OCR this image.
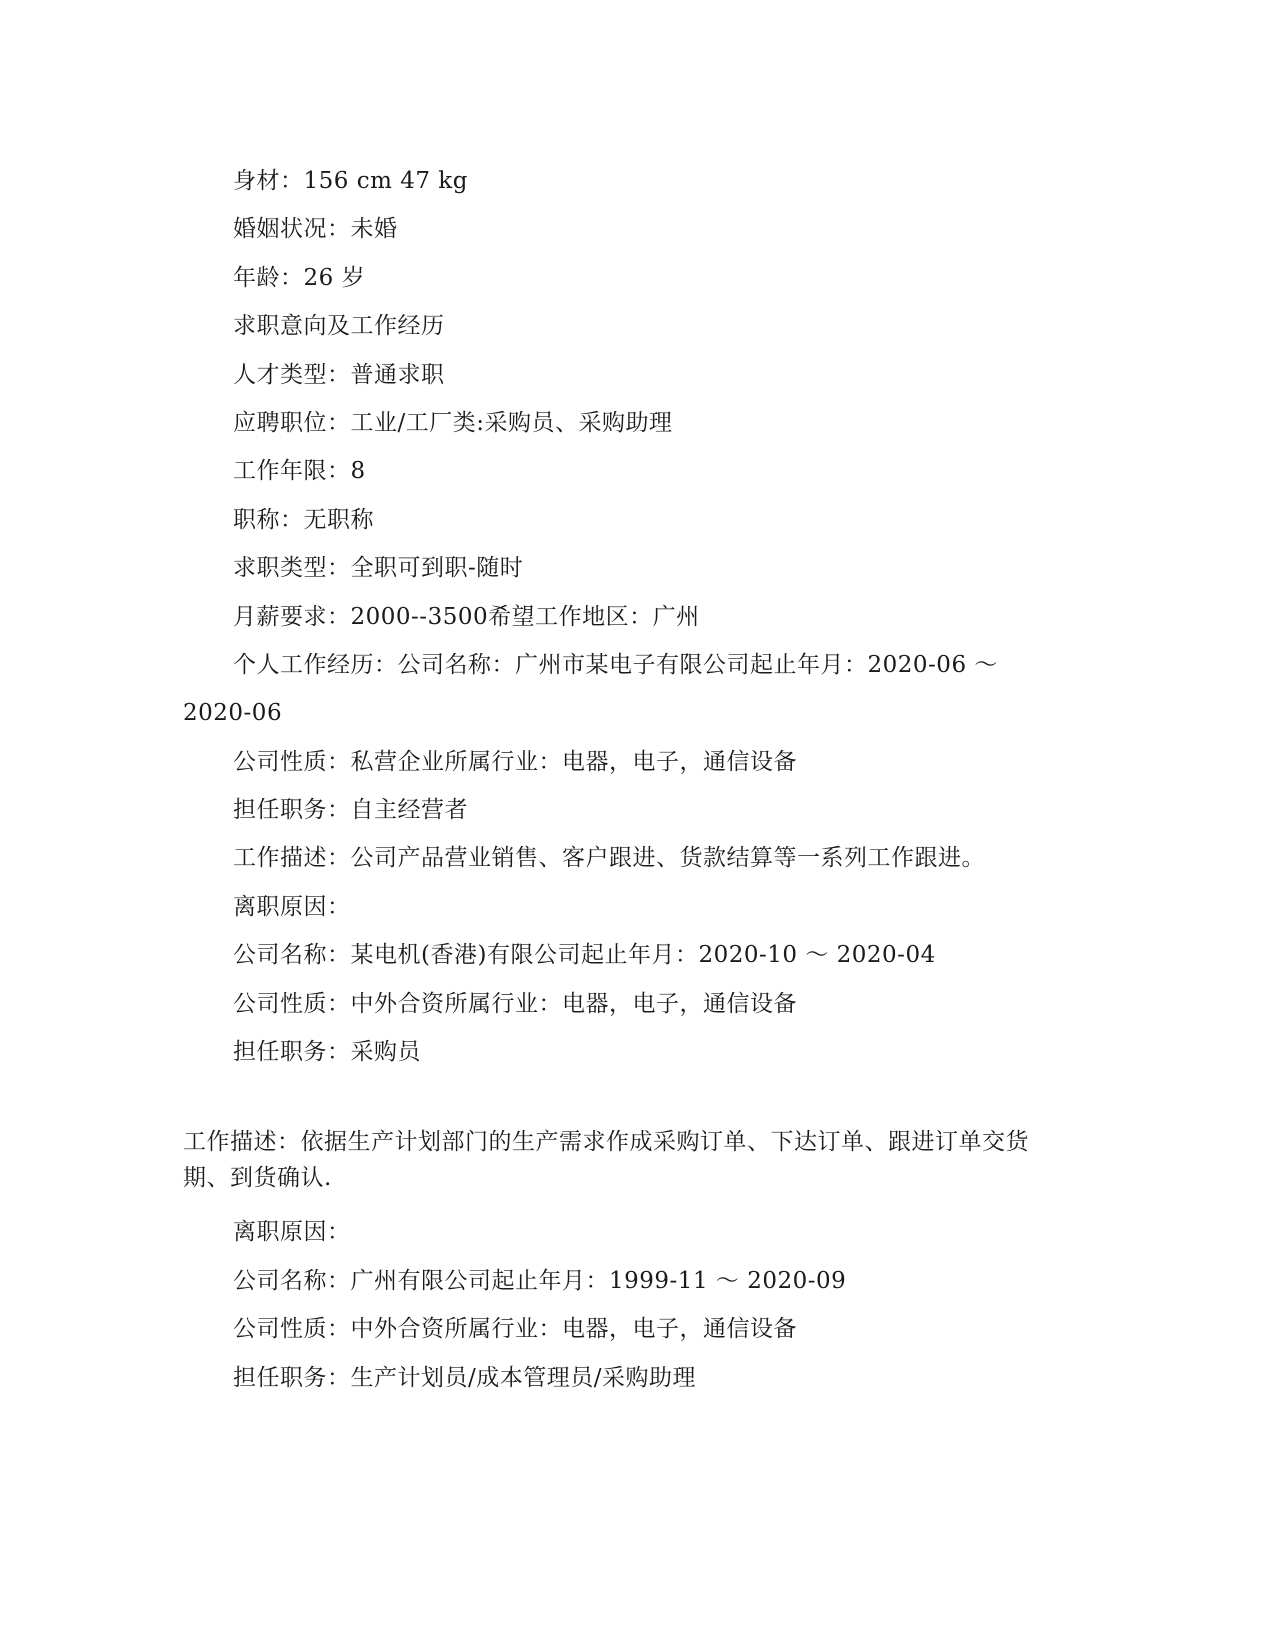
身材：156 cm 47 kg
婚姻状况：未婚
年龄：26 岁
求职意向及工作经历
人才类型：普通求职
应聘职位：工业/工厂类:采购员、采购助理
工作年限：8
职称：无职称
求职类型：全职可到职-随时
月薪要求：2000--3500希望工作地区：广州
个人工作经历：公司名称：广州市某电子有限公司起止年月：2020-06 ～
2020-06
公司性质：私营企业所属行业：电器，电子，通信设备
担任职务：自主经营者
工作描述：公司产品营业销售、客户跟进、货款结算等一系列工作跟进。
离职原因：
公司名称：某电机(香港)有限公司起止年月：2020-10 ～ 2020-04
公司性质：中外合资所属行业：电器，电子，通信设备
担任职务：采购员
工作描述：依据生产计划部门的生产需求作成采购订单、下达订单、跟进订单交货期、到货确认.
离职原因：
公司名称：广州有限公司起止年月：1999-11 ～ 2020-09
公司性质：中外合资所属行业：电器，电子，通信设备
担任职务：生产计划员/成本管理员/采购助理
